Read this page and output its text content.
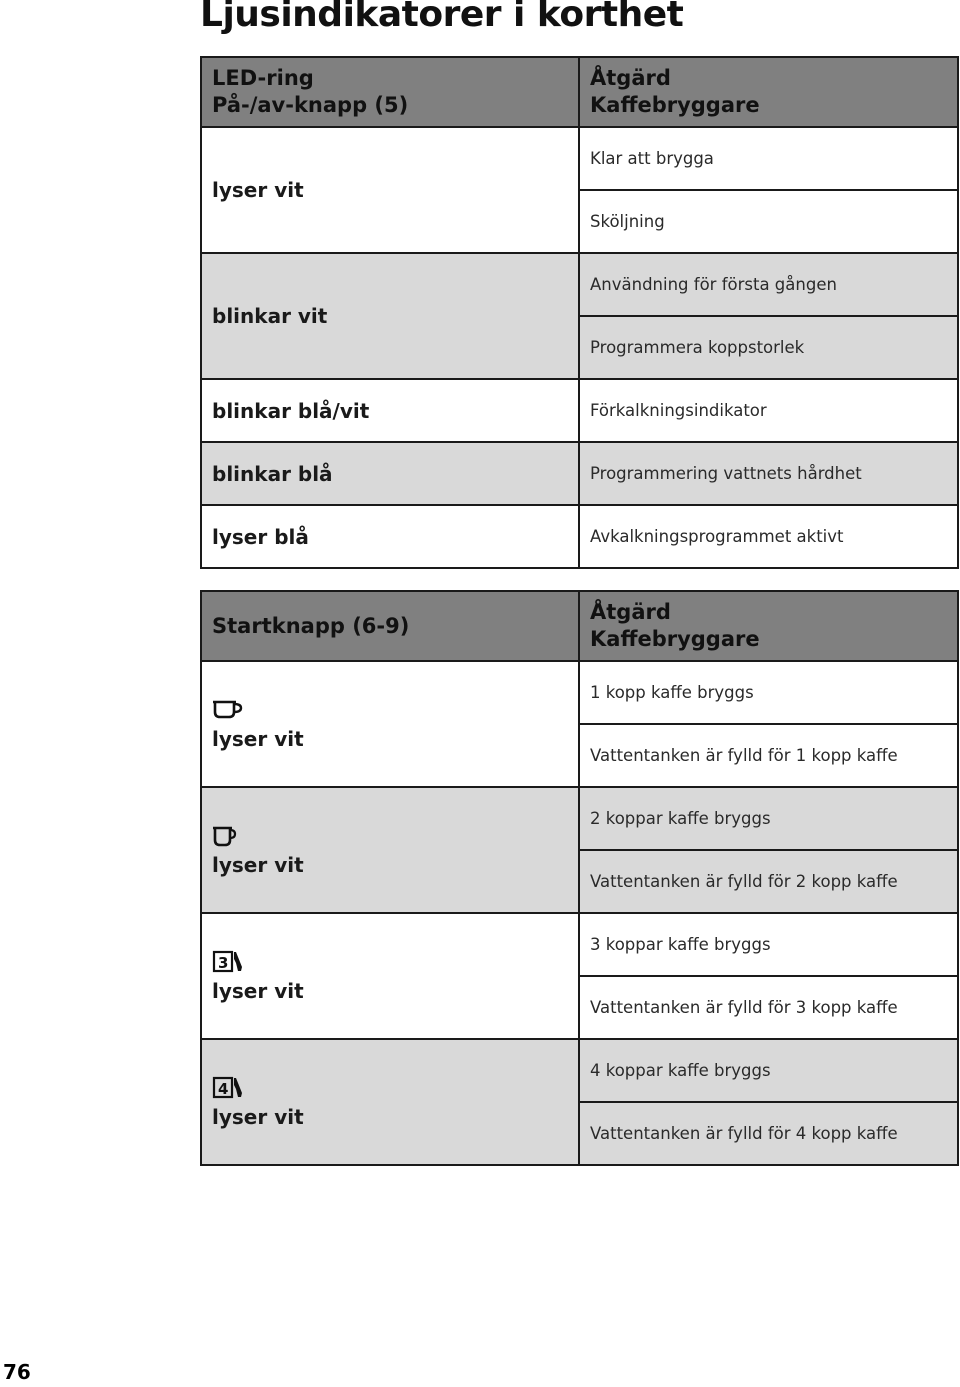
Ljusindikatorer i korthet
LED-ring
På-/av-knapp (5)	Åtgärd
Kaffebryggare

lyser vit	Klar att brygga
	Sköljning
blinkar vit	Användning för första gången
	Programmera koppstorlek
blinkar blå/vit	Förkalkningsindikator
blinkar blå	Programmering vattnets hårdhet
lyser blå	Avkalkningsprogrammet aktivt
Startknapp (6-9)	Åtgärd
Kaffebryggare

lyser vit	1 kopp kaffe bryggs
	Vattentanken är fylld för 1 kopp kaffe

lyser vit	2 koppar kaffe bryggs
	Vattentanken är fylld för 2 kopp kaffe

3
lyser vit	3 koppar kaffe bryggs
	Vattentanken är fylld för 3 kopp kaffe

4
lyser vit	4 koppar kaffe bryggs
	Vattentanken är fylld för 4 kopp kaffe
76
